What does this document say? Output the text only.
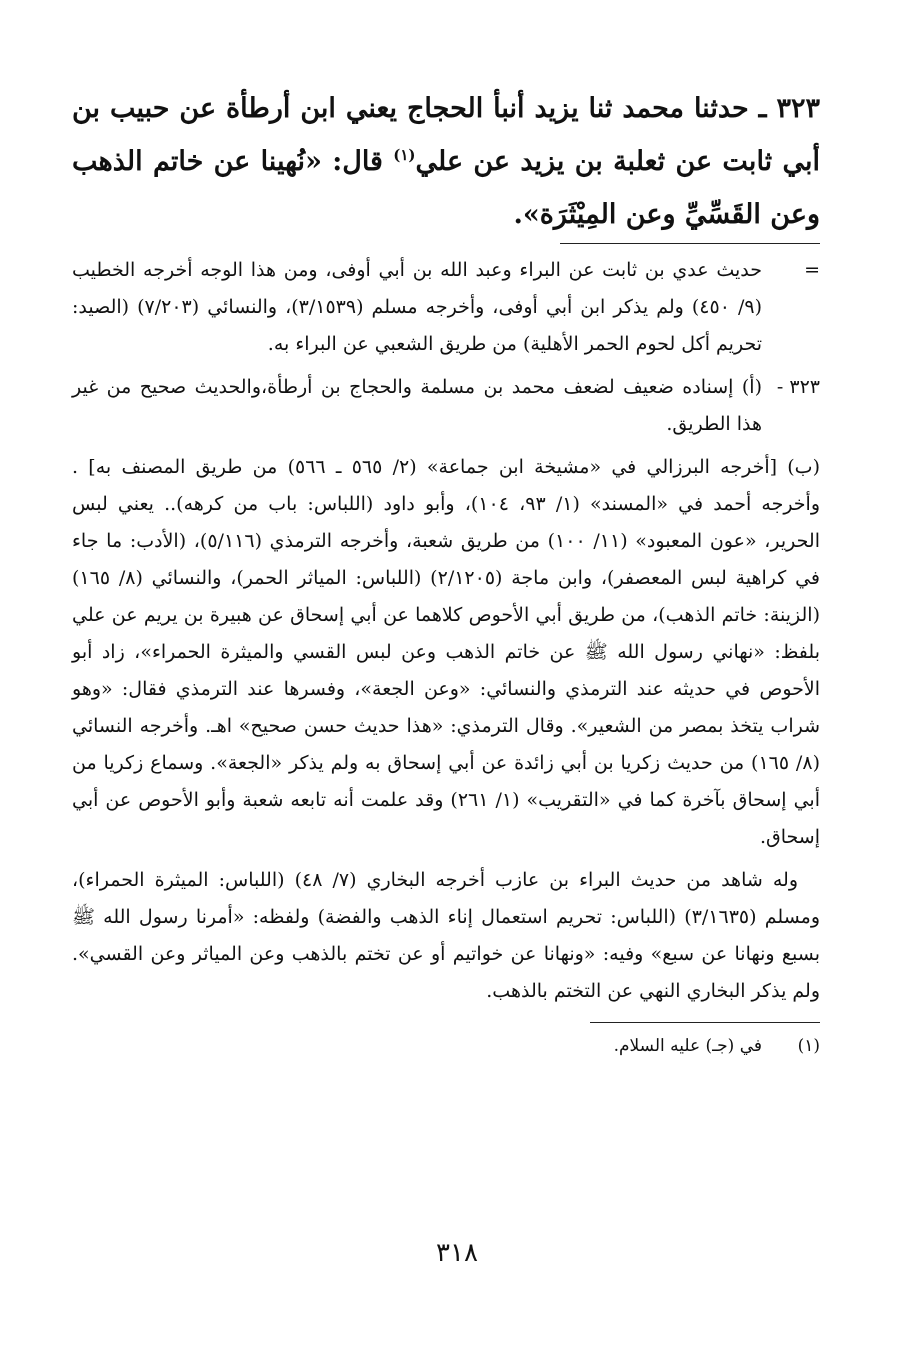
٣٢٣ ـ حدثنا محمد ثنا يزيد أنبأ الحجاج يعني ابن أرطأة عن حبيب بن أبي ثابت عن ثعلبة بن يزيد عن علي$^{(١)}$ قال: «نُهينا عن خاتم الذهب وعن القَسِّيِّ وعن المِيْثَرَة».

=
حديث عدي بن ثابت عن البراء وعبد الله بن أبي أوفى، ومن هذا الوجه أخرجه الخطيب (٩/ ٤٥٠) ولم يذكر ابن أبي أوفى، وأخرجه مسلم (٣/١٥٣٩)، والنسائي (٧/٢٠٣) (الصيد: تحريم أكل لحوم الحمر الأهلية) من طريق الشعبي عن البراء به.
٣٢٣ -

(أ) إسناده ضعيف لضعف محمد بن مسلمة والحجاج بن أرطأة،والحديث صحيح من غير هذا الطريق.

(ب) [أخرجه البرزالي في «مشيخة ابن جماعة» (٢/ ٥٦٥ ـ ٥٦٦) من طريق المصنف به] . وأخرجه أحمد في «المسند» (١/ ٩٣، ١٠٤)، وأبو داود (اللباس: باب من كرهه).. يعني لبس الحرير، «عون المعبود» (١١/ ١٠٠) من طريق شعبة، وأخرجه الترمذي (٥/١١٦)، (الأدب: ما جاء في كراهية لبس المعصفر)، وابن ماجة (٢/١٢٠٥) (اللباس: المياثر الحمر)، والنسائي (٨/ ١٦٥) (الزينة: خاتم الذهب)، من طريق أبي الأحوص كلاهما عن أبي إسحاق عن هبيرة بن يريم عن علي بلفظ: «نهاني رسول الله ﷺ عن خاتم الذهب وعن لبس القسي والميثرة الحمراء»، زاد أبو الأحوص في حديثه عند الترمذي والنسائي: «وعن الجعة»، وفسرها عند الترمذي فقال: «وهو شراب يتخذ بمصر من الشعير». وقال الترمذي: «هذا حديث حسن صحيح» اهـ. وأخرجه النسائي (٨/ ١٦٥) من حديث زكريا بن أبي زائدة عن أبي إسحاق به ولم يذكر «الجعة». وسماع زكريا من أبي إسحاق بآخرة كما في «التقريب» (١/ ٢٦١) وقد علمت أنه تابعه شعبة وأبو الأحوص عن أبي إسحاق.

وله شاهد من حديث البراء بن عازب أخرجه البخاري (٧/ ٤٨) (اللباس: الميثرة الحمراء)، ومسلم (٣/١٦٣٥) (اللباس: تحريم استعمال إناء الذهب والفضة) ولفظه: «أمرنا رسول الله ﷺ بسبع ونهانا عن سبع» وفيه: «ونهانا عن خواتيم أو عن تختم بالذهب وعن المياثر وعن القسي». ولم يذكر البخاري النهي عن التختم بالذهب.

(١)
في (جـ) عليه السلام.
٣١٨
